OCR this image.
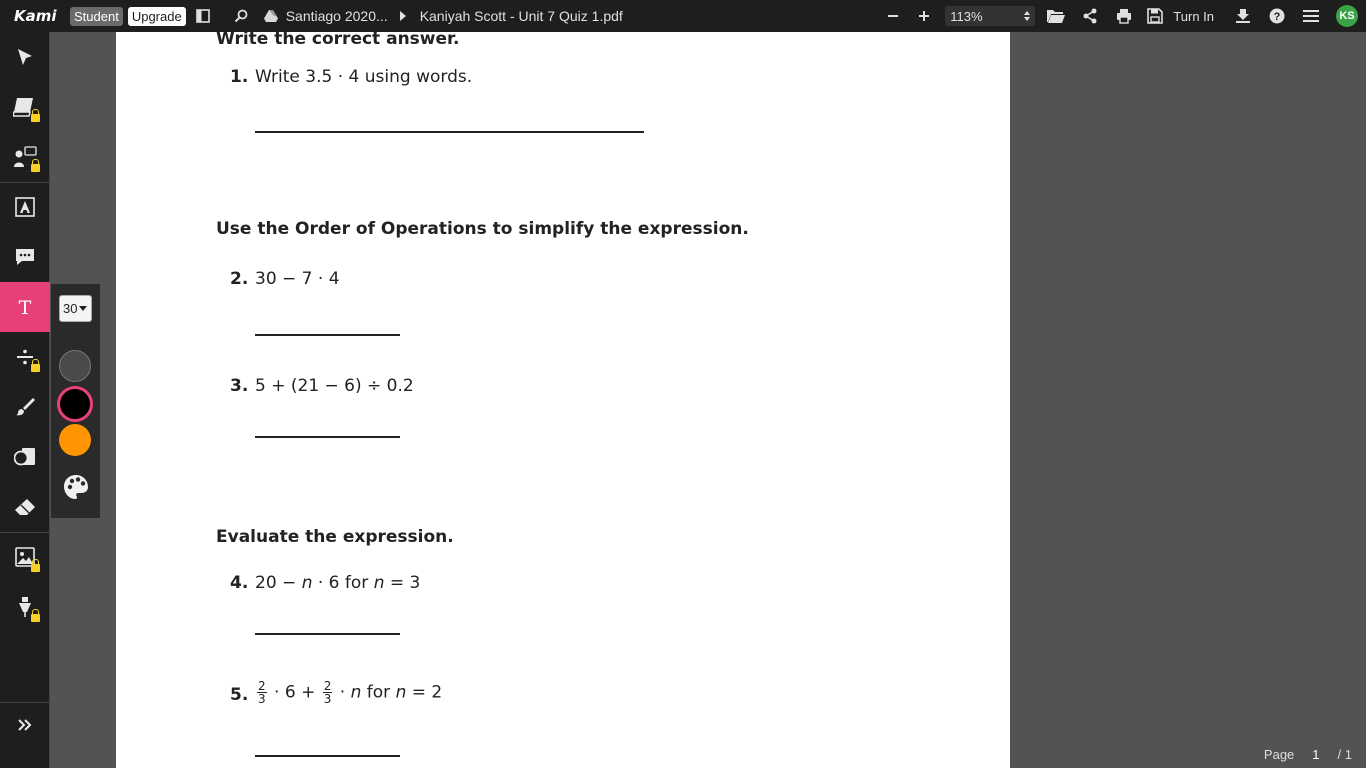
Kami	Student	Upgrade	Santiago 2020... Kaniyah Scott - Unit 7 Quiz 1.pdf	113%	Turn In	?	KS
T 30
Write the correct answer.
1. Write 3.5 · 4 using words.
Use the Order of Operations to simplify the expression.
2. 30 − 7 · 4
3. 5 + (21 − 6) ÷ 0.2
Evaluate the expression.
4. 20 − n · 6 for n = 3
5. $\frac{2}{3} \cdot 6 + \frac{2}{3} \cdot n$ for n = 2
Page	1	/ 1
